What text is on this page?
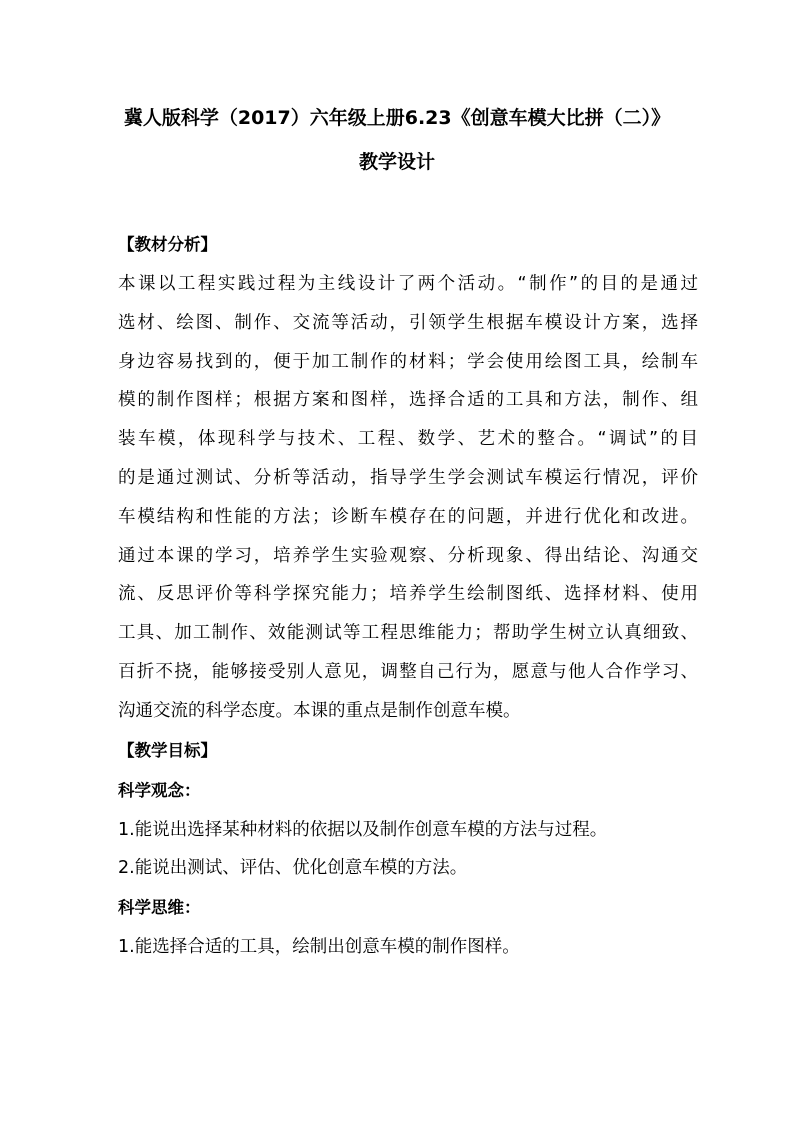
冀人版科学（2017）六年级上册6.23《创意车模大比拼（二）》
教学设计
【教材分析】
本课以工程实践过程为主线设计了两个活动。“制作”的目的是通过
选材、绘图、制作、交流等活动，引领学生根据车模设计方案，选择
身边容易找到的，便于加工制作的材料；学会使用绘图工具，绘制车
模的制作图样；根据方案和图样，选择合适的工具和方法，制作、组
装车模，体现科学与技术、工程、数学、艺术的整合。“调试”的目
的是通过测试、分析等活动，指导学生学会测试车模运行情况，评价
车模结构和性能的方法；诊断车模存在的问题，并进行优化和改进。
通过本课的学习，培养学生实验观察、分析现象、得出结论、沟通交
流、反思评价等科学探究能力；培养学生绘制图纸、选择材料、使用
工具、加工制作、效能测试等工程思维能力；帮助学生树立认真细致、
百折不挠，能够接受别人意见，调整自己行为，愿意与他人合作学习、
沟通交流的科学态度。本课的重点是制作创意车模。
【教学目标】
科学观念：
1.能说出选择某种材料的依据以及制作创意车模的方法与过程。
2.能说出测试、评估、优化创意车模的方法。
科学思维：
1.能选择合适的工具，绘制出创意车模的制作图样。
